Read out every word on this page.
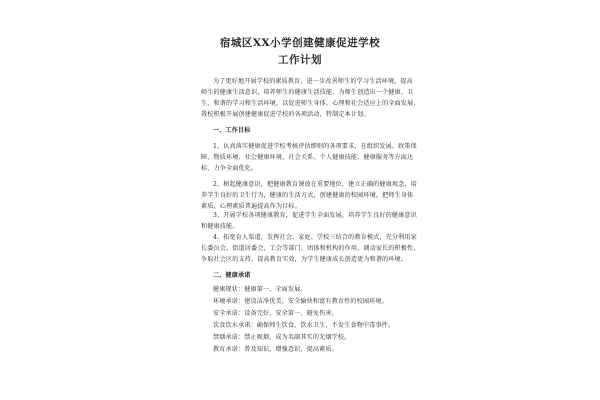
宿城区XX小学创建健康促进学校
工作计划
为了更好地开展学校的素质教育，进一步改善师生的学习生活环境，提高
师生的健康生活意识，培养师生的健康生活技能，为师生创造出一个健康、卫
生、和谐的学习和生活环境，以促进师生身体、心理和社会适应上的全面发展，
我校积极开展创建健康促进学校的各项活动，特制定本计划。
一、工作目标
1、认真落实健康促进学校考核评估细则的各项要求，在组织发展、政策保
障、物质环境、社会健康环境、社会关系、个人健康技能、健康服务等方面达
标，力争全面优化。
2、树起健康意识，把健康教育课放在重要地位，建立正确的健康观念，培
养学生良好的卫生行为，健康的生活方式，创建健康的校园环境，把师生身体
素质、心理素质普遍提高作为目标。
3、开展学校各项健康教育，促进学生全面发展，培养学生良好的健康意识
和健康技能。
4、拓宽育人渠道，发挥社会、家庭、学校三结合的教育模式，充分利用家
长委员会、街道居委会、工会等部门、团体和机构的作用，调动家长的积极性，
争取社会区的支持，提高教育实效，为学生健康成长创造更为和谐的环境。
二、健康承诺
健康现状：健康第一，全面发展。
环境承诺：建设洁净优美、安全愉快和富有教育性的校园环境。
安全承诺：设备完好，安全第一，避免伤害。
饮食饮水承诺：确保师生饮食、饮水卫生，不发生食物中毒事件。
禁烟承诺：禁止吸烟，成为名副其实的无烟学校。
教育承诺：普及知识，增强意识，提高素质。
